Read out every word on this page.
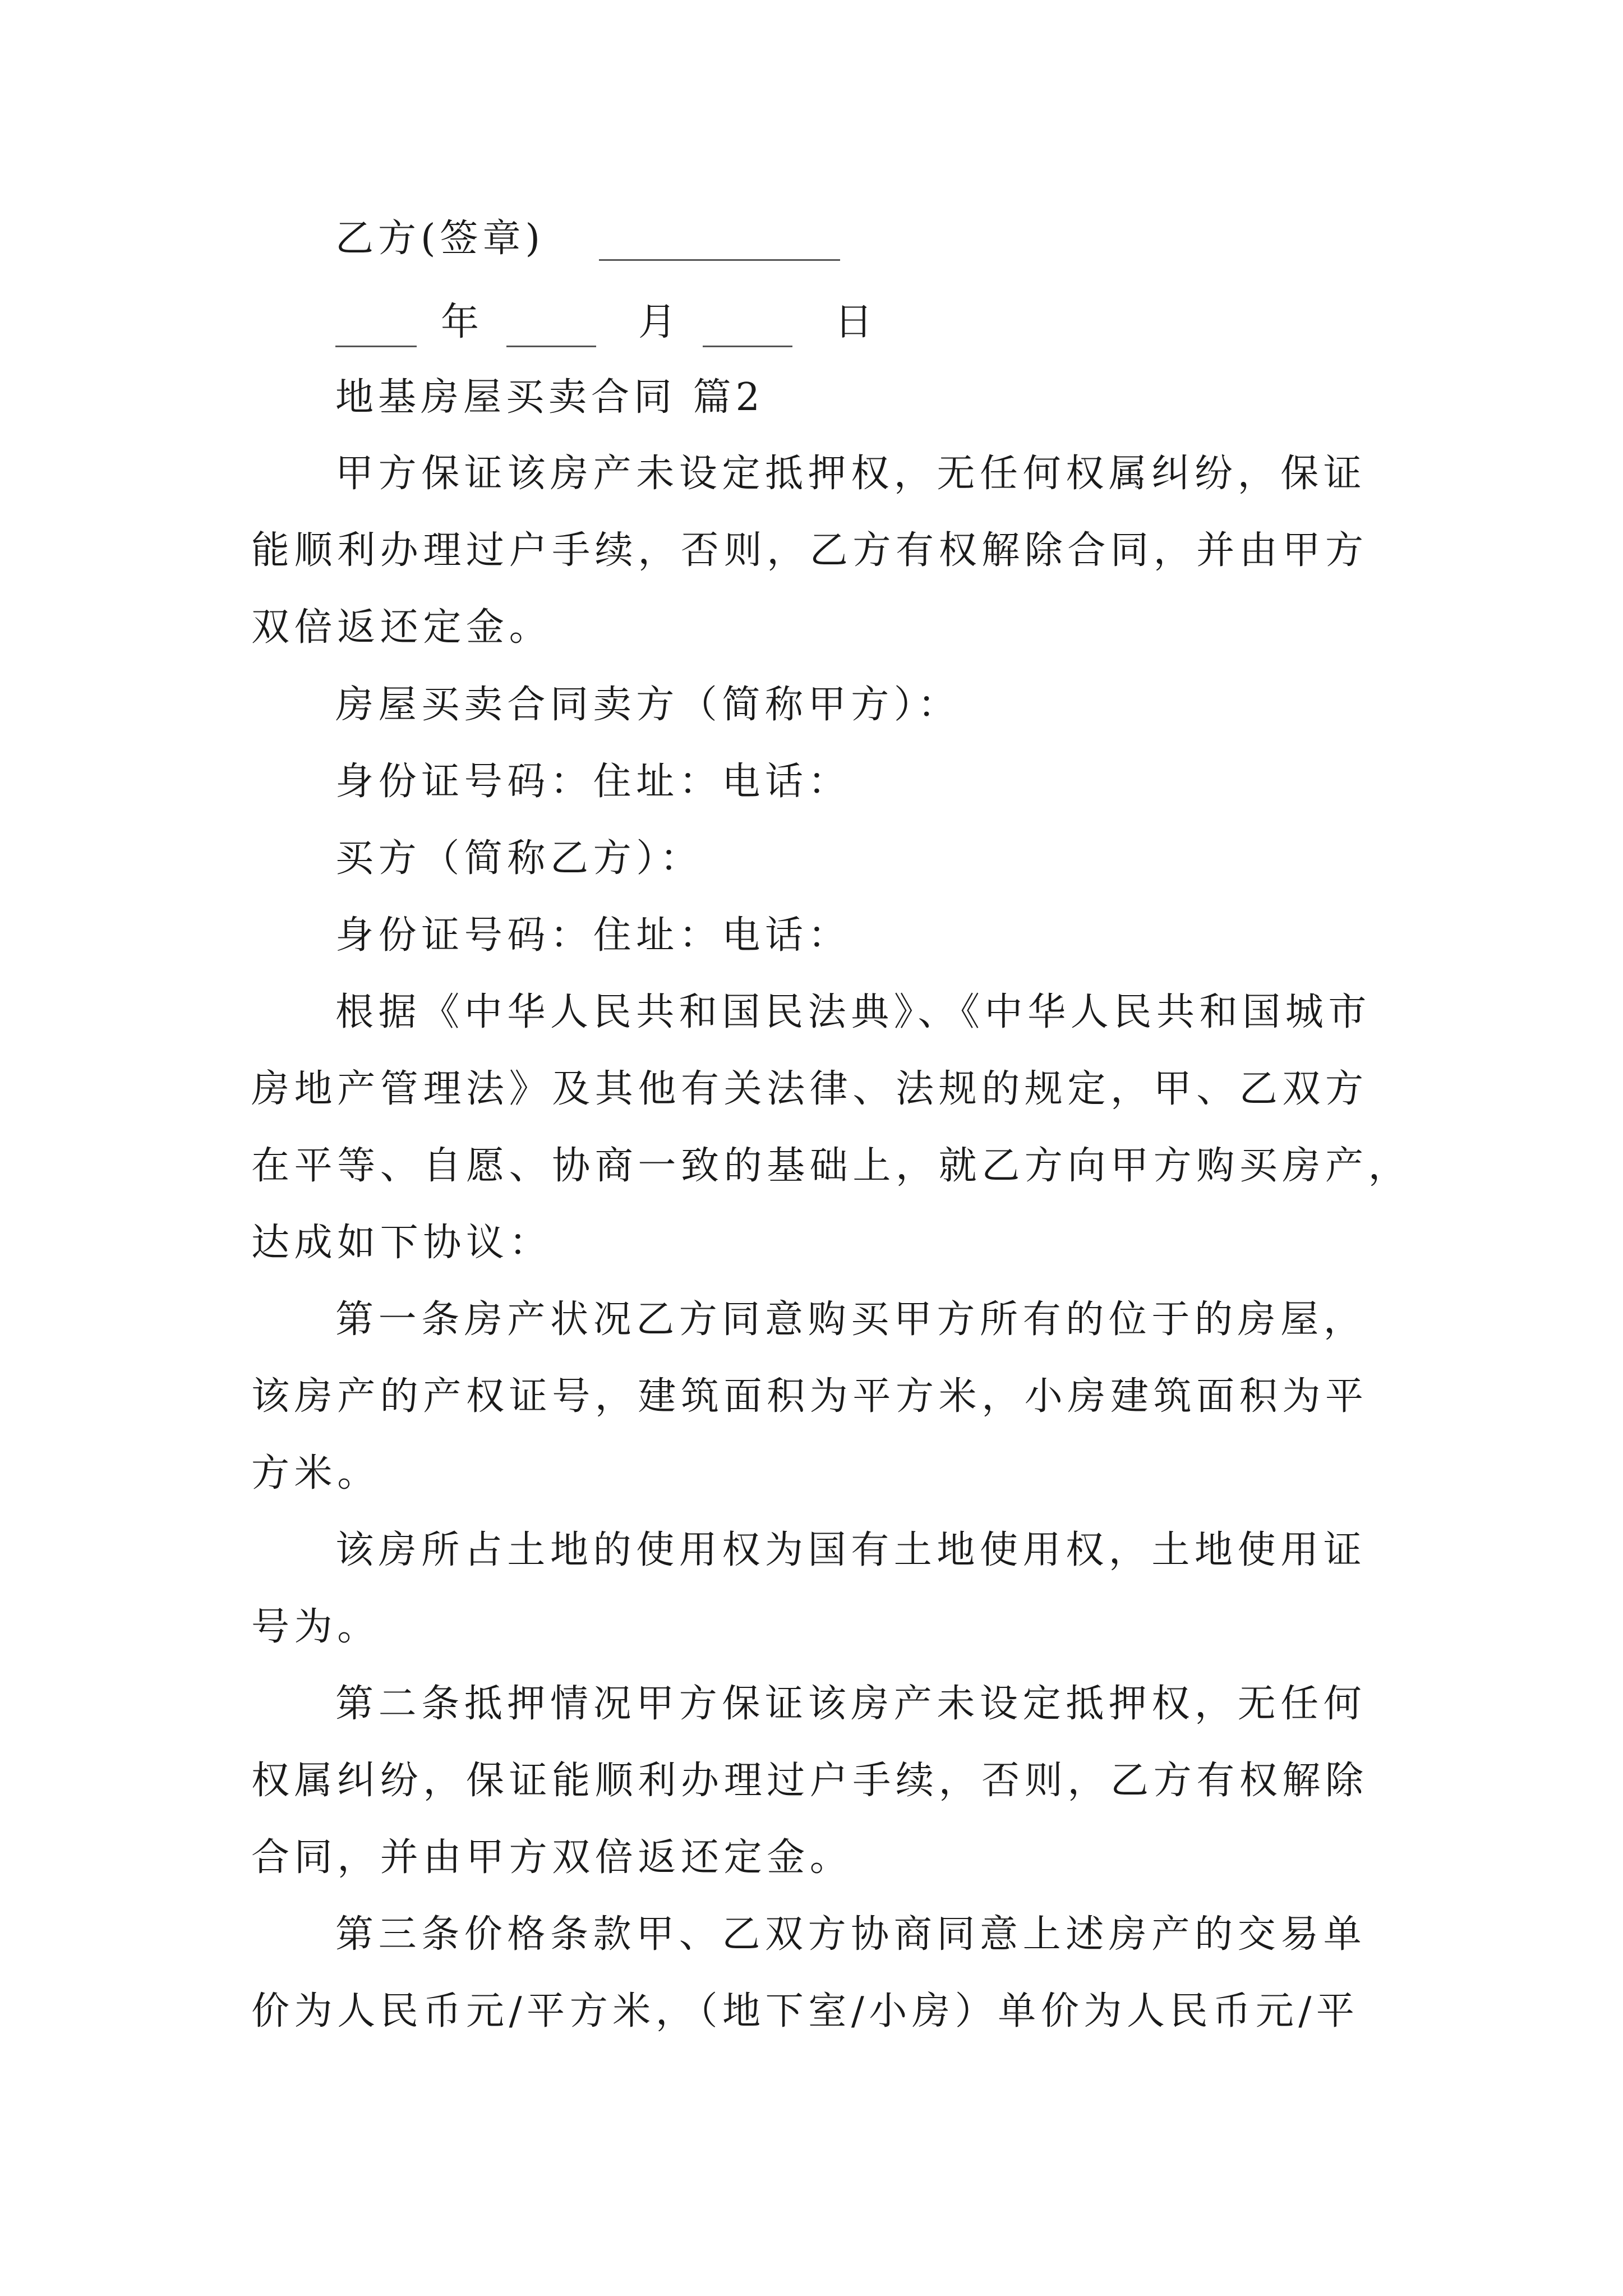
乙方(签章)
年	月	日
地基房屋买卖合同 篇2
甲方保证该房产未设定抵押权，无任何权属纠纷，保证
能顺利办理过户手续，否则，乙方有权解除合同，并由甲方
双倍返还定金。
房屋买卖合同卖方（简称甲方）：
身份证号码：住址：电话：
买方（简称乙方）：
身份证号码：住址：电话：
根据《中华人民共和国民法典》、《中华人民共和国城市
房地产管理法》及其他有关法律、法规的规定，甲、乙双方
在平等、自愿、协商一致的基础上，就乙方向甲方购买房产，
达成如下协议：
第一条房产状况乙方同意购买甲方所有的位于的房屋，
该房产的产权证号，建筑面积为平方米，小房建筑面积为平
方米。
该房所占土地的使用权为国有土地使用权，土地使用证
号为。
第二条抵押情况甲方保证该房产未设定抵押权，无任何
权属纠纷，保证能顺利办理过户手续，否则，乙方有权解除
合同，并由甲方双倍返还定金。
第三条价格条款甲、乙双方协商同意上述房产的交易单
价为人民币元/平方米，（地下室/小房）单价为人民币元/平
